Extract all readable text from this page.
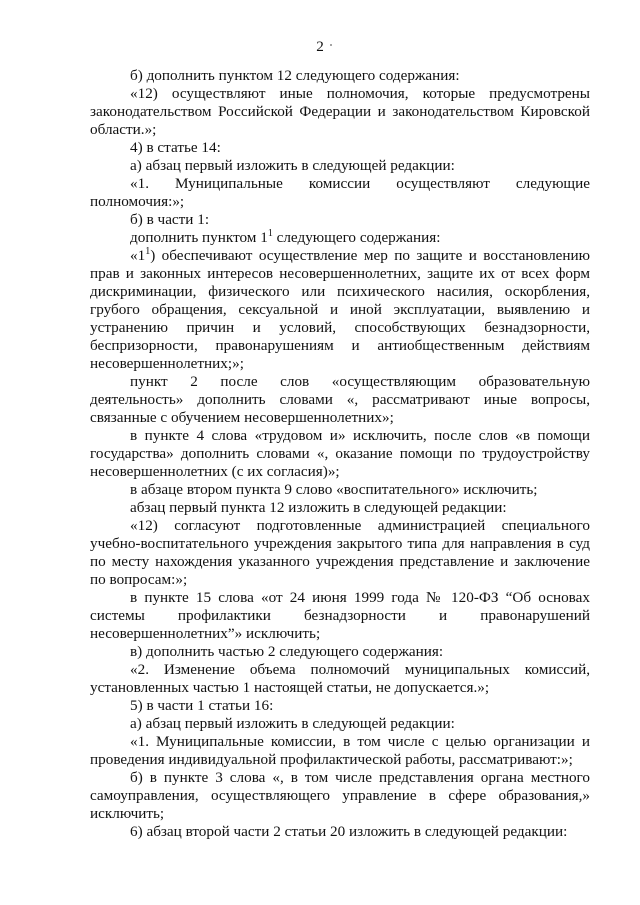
2

б) дополнить пунктом 12 следующего содержания:

«12) осуществляют иные полномочия, которые предусмотрены законодательством Российской Федерации и законодательством Кировской области.»;

4) в статье 14:

а) абзац первый изложить в следующей редакции:

«1. Муниципальные комиссии осуществляют следующие полномочия:»;

б) в части 1:

дополнить пунктом $1^1$ следующего содержания:

«$1^1$) обеспечивают осуществление мер по защите и восстановлению прав и законных интересов несовершеннолетних, защите их от всех форм дискриминации, физического или психического насилия, оскорбления, грубого обращения, сексуальной и иной эксплуатации, выявлению и устранению причин и условий, способствующих безнадзорности, беспризорности, правонарушениям и антиобщественным действиям несовершеннолетних;»;

пункт 2 после слов «осуществляющим образовательную деятельность» дополнить словами «, рассматривают иные вопросы, связанные с обучением несовершеннолетних»;

в пункте 4 слова «трудовом и» исключить, после слов «в помощи государства» дополнить словами «, оказание помощи по трудоустройству несовершеннолетних (с их согласия)»;

в абзаце втором пункта 9 слово «воспитательного» исключить;

абзац первый пункта 12 изложить в следующей редакции:

«12) согласуют подготовленные администрацией специального учебно-воспитательного учреждения закрытого типа для направления в суд по месту нахождения указанного учреждения представление и заключение по вопросам:»;

в пункте 15 слова «от 24 июня 1999 года № 120-ФЗ “Об основах системы профилактики безнадзорности и правонарушений несовершеннолетних”» исключить;

в) дополнить частью 2 следующего содержания:

«2. Изменение объема полномочий муниципальных комиссий, установленных частью 1 настоящей статьи, не допускается.»;

5) в части 1 статьи 16:

а) абзац первый изложить в следующей редакции:

«1. Муниципальные комиссии, в том числе с целью организации и проведения индивидуальной профилактической работы, рассматривают:»;

б) в пункте 3 слова «, в том числе представления органа местного самоуправления, осуществляющего управление в сфере образования,» исключить;

6) абзац второй части 2 статьи 20 изложить в следующей редакции:
